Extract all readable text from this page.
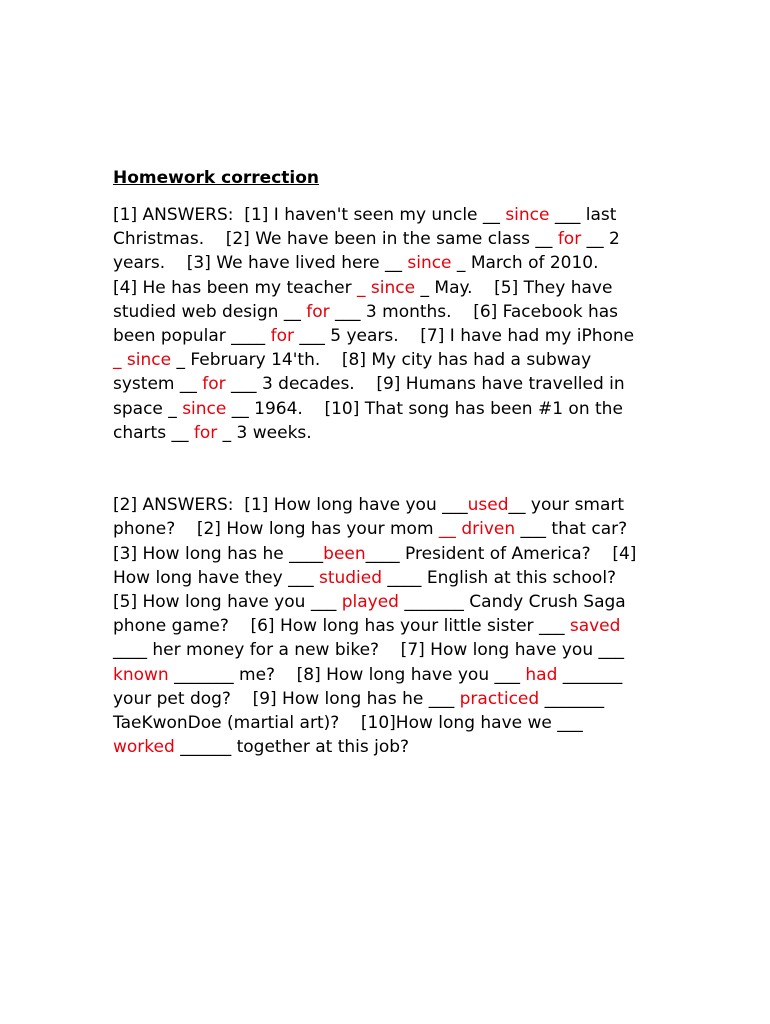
Homework correction
[1] ANSWERS:  [1] I haven't seen my uncle __ since ___ last
Christmas.    [2] We have been in the same class __ for __ 2
years.    [3] We have lived here __ since _ March of 2010.
[4] He has been my teacher _ since _ May.    [5] They have
studied web design __ for ___ 3 months.    [6] Facebook has
been popular ____ for ___ 5 years.    [7] I have had my iPhone
_ since _ February 14'th.    [8] My city has had a subway
system __ for ___ 3 decades.    [9] Humans have travelled in
space _ since __ 1964.    [10] That song has been #1 on the
charts __ for _ 3 weeks.
[2] ANSWERS:  [1] How long have you ___used__ your smart
phone?    [2] How long has your mom __ driven ___ that car?
[3] How long has he ____been____ President of America?    [4]
How long have they ___ studied ____ English at this school?
[5] How long have you ___ played _______ Candy Crush Saga
phone game?    [6] How long has your little sister ___ saved
____ her money for a new bike?    [7] How long have you ___
known _______ me?    [8] How long have you ___ had _______
your pet dog?    [9] How long has he ___ practiced _______
TaeKwonDoe (martial art)?    [10]How long have we ___
worked ______ together at this job?
